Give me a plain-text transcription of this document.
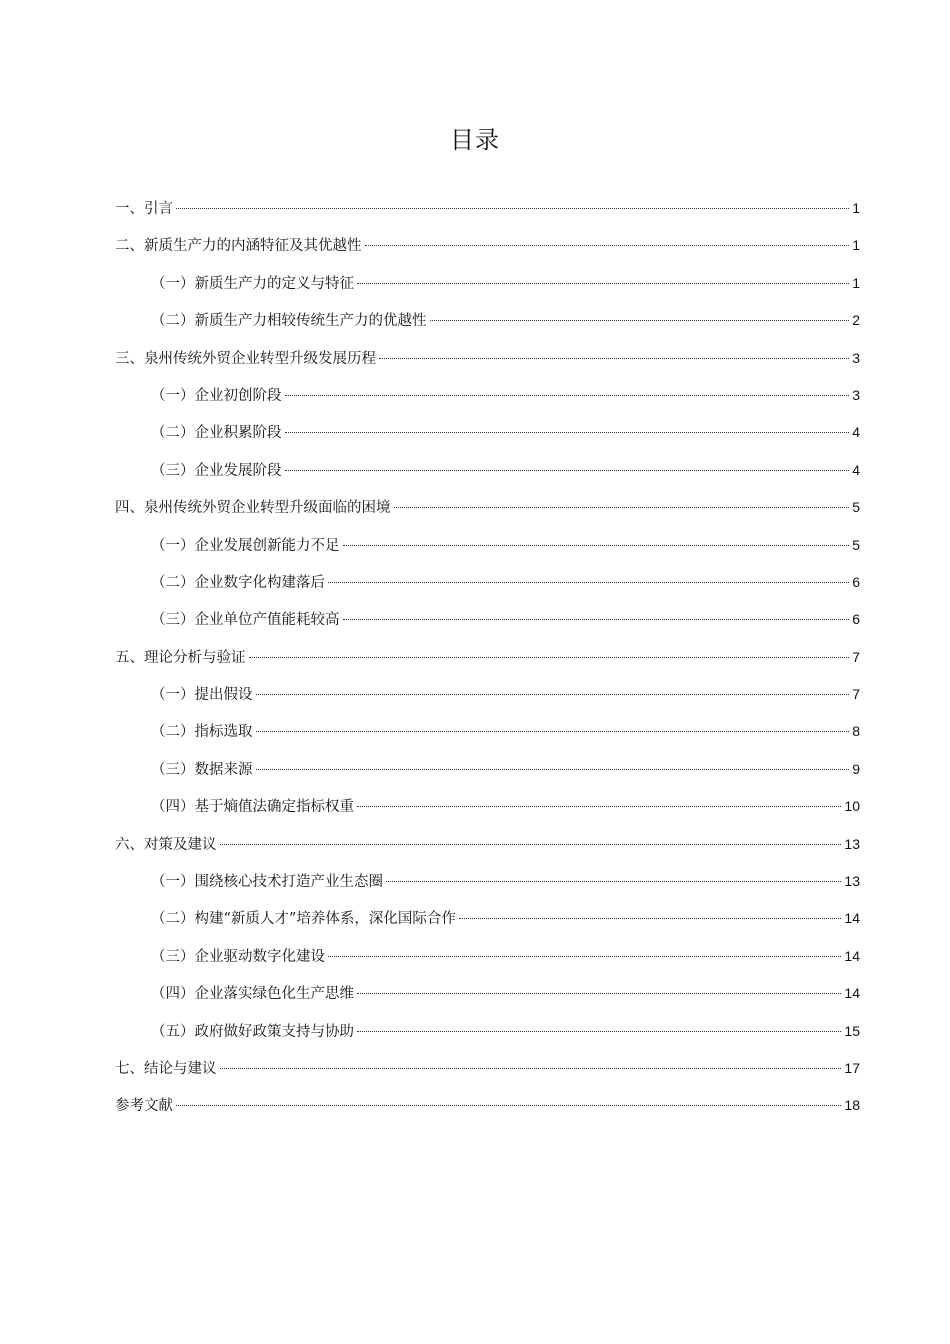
目录
一、引言	1
二、新质生产力的内涵特征及其优越性	1
（一）新质生产力的定义与特征	1
（二）新质生产力相较传统生产力的优越性	2
三、泉州传统外贸企业转型升级发展历程	3
（一）企业初创阶段	3
（二）企业积累阶段	4
（三）企业发展阶段	4
四、泉州传统外贸企业转型升级面临的困境	5
（一）企业发展创新能力不足	5
（二）企业数字化构建落后	6
（三）企业单位产值能耗较高	6
五、理论分析与验证	7
（一）提出假设	7
（二）指标选取	8
（三）数据来源	9
（四）基于熵值法确定指标权重	10
六、对策及建议	13
（一）围绕核心技术打造产业生态圈	13
（二）构建“新质人才”培养体系，深化国际合作	14
（三）企业驱动数字化建设	14
（四）企业落实绿色化生产思维	14
（五）政府做好政策支持与协助	15
七、结论与建议	17
参考文献	18
